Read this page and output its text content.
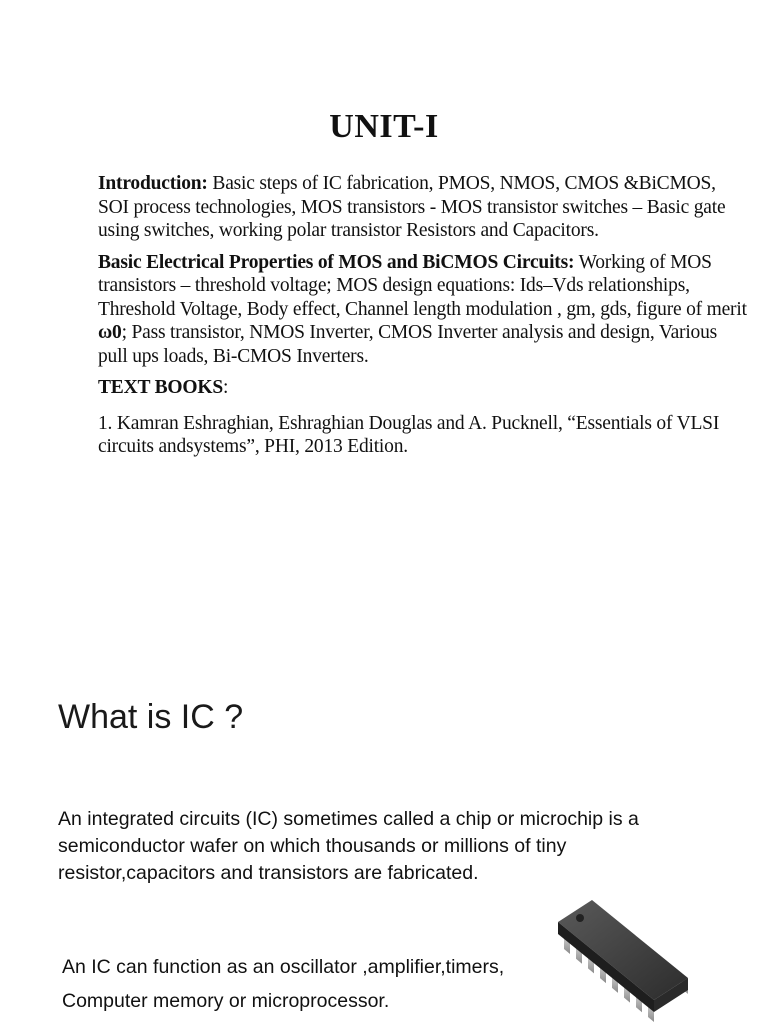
UNIT-I

Introduction: Basic steps of IC fabrication, PMOS, NMOS, CMOS &BiCMOS, SOI process technologies, MOS transistors - MOS transistor switches – Basic gate using switches, working polar transistor Resistors and Capacitors.

Basic Electrical Properties of MOS and BiCMOS Circuits: Working of MOS transistors – threshold voltage; MOS design equations: Ids–Vds relationships, Threshold Voltage, Body effect, Channel length modulation , gm, gds, figure of merit ω0; Pass transistor, NMOS Inverter, CMOS Inverter analysis and design, Various pull ups loads, Bi-CMOS Inverters.

TEXT BOOKS:

1. Kamran Eshraghian, Eshraghian Douglas and A. Pucknell, “Essentials of VLSI circuits andsystems”, PHI, 2013 Edition.

What is IC ?

An integrated circuits (IC) sometimes called a chip or microchip is a semiconductor wafer on which thousands or millions of tiny resistor,capacitors and transistors are fabricated.

An IC can function as an oscillator ,amplifier,timers, Computer memory or microprocessor.
